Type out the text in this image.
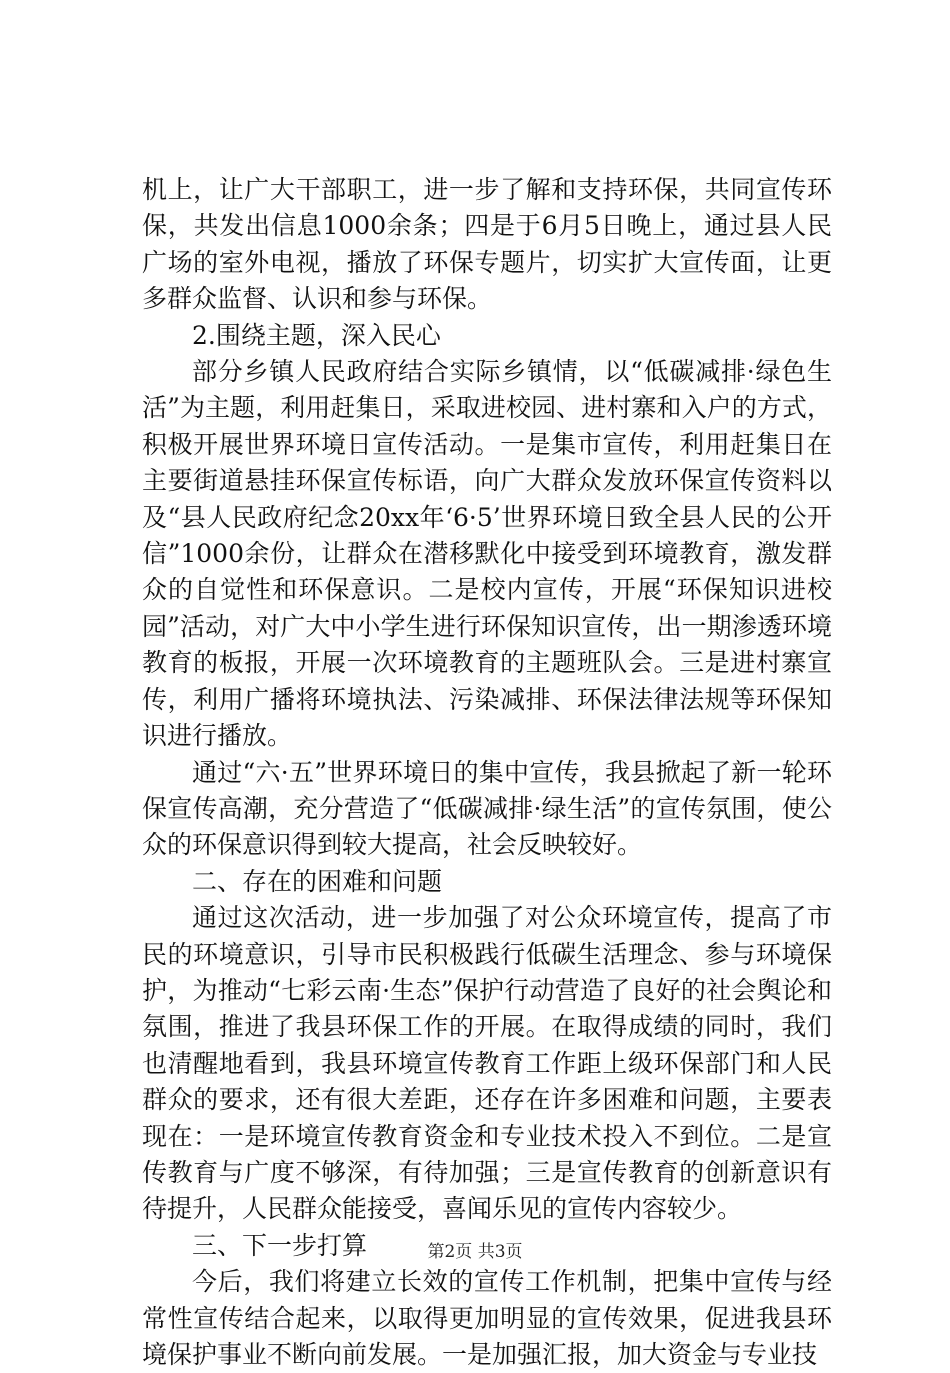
机上，让广大干部职工，进一步了解和支持环保，共同宣传环保，共发出信息1000余条；四是于6月5日晚上，通过县人民广场的室外电视，播放了环保专题片，切实扩大宣传面，让更多群众监督、认识和参与环保。

2.围绕主题，深入民心

部分乡镇人民政府结合实际乡镇情，以“低碳减排·绿色生活”为主题，利用赶集日，采取进校园、进村寨和入户的方式，积极开展世界环境日宣传活动。一是集市宣传，利用赶集日在主要街道悬挂环保宣传标语，向广大群众发放环保宣传资料以及“县人民政府纪念20xx年‘6·5’世界环境日致全县人民的公开信”1000余份，让群众在潜移默化中接受到环境教育，激发群众的自觉性和环保意识。二是校内宣传，开展“环保知识进校园”活动，对广大中小学生进行环保知识宣传，出一期渗透环境教育的板报，开展一次环境教育的主题班队会。三是进村寨宣传，利用广播将环境执法、污染减排、环保法律法规等环保知识进行播放。

通过“六·五”世界环境日的集中宣传，我县掀起了新一轮环保宣传高潮，充分营造了“低碳减排·绿生活”的宣传氛围，使公众的环保意识得到较大提高，社会反映较好。

二、存在的困难和问题

通过这次活动，进一步加强了对公众环境宣传，提高了市民的环境意识，引导市民积极践行低碳生活理念、参与环境保护，为推动“七彩云南·生态”保护行动营造了良好的社会舆论和氛围，推进了我县环保工作的开展。在取得成绩的同时，我们也清醒地看到，我县环境宣传教育工作距上级环保部门和人民群众的要求，还有很大差距，还存在许多困难和问题，主要表现在：一是环境宣传教育资金和专业技术投入不到位。二是宣传教育与广度不够深，有待加强；三是宣传教育的创新意识有待提升，人民群众能接受，喜闻乐见的宣传内容较少。

三、下一步打算

今后，我们将建立长效的宣传工作机制，把集中宣传与经常性宣传结合起来，以取得更加明显的宣传效果，促进我县环境保护事业不断向前发展。一是加强汇报，加大资金与专业技

第2页 共3页
